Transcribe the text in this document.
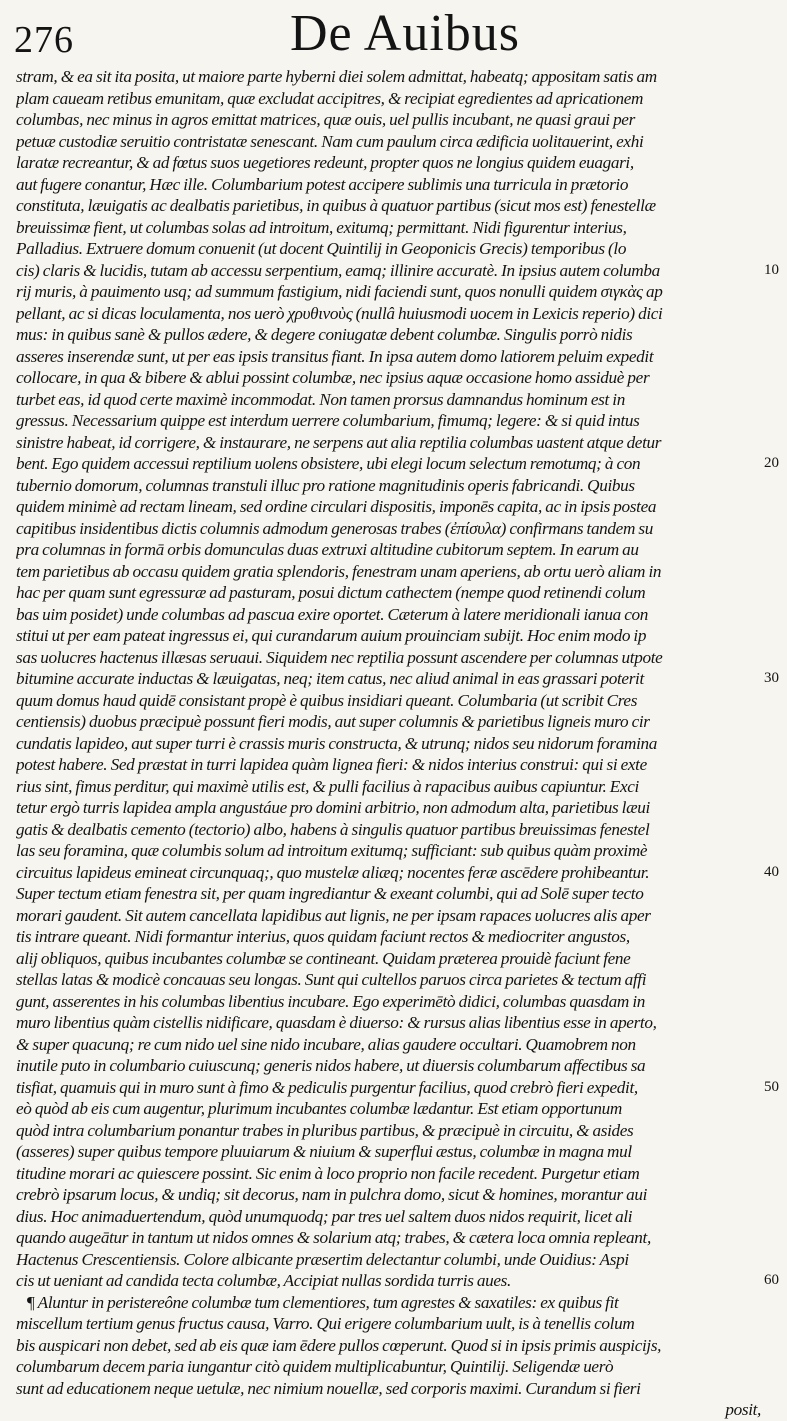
276	De Auibus
stram, & ea sit ita posita, ut maiore parte hyberni diei solem admittat, habeatq; appositam satis am
plam caueam retibus emunitam, quæ excludat accipitres, & recipiat egredientes ad apricationem
columbas, nec minus in agros emittat matrices, quæ ouis, uel pullis incubant, ne quasi graui per
petuæ custodiæ seruitio contristatæ senescant. Nam cum paulum circa ædificia uolitauerint, exhi
laratæ recreantur, & ad fœtus suos uegetiores redeunt, propter quos ne longius quidem euagari,
aut fugere conantur, Hæc ille. Columbarium potest accipere sublimis una turricula in prætorio
constituta, læuigatis ac dealbatis parietibus, in quibus à quatuor partibus (sicut mos est) fenestellæ
breuissimæ fient, ut columbas solas ad introitum, exitumq; permittant. Nidi figurentur interius,
Palladius. Extruere domum conuenit (ut docent Quintilij in Geoponicis Grecis) temporibus (lo
cis) claris & lucidis, tutam ab accessu serpentium, eamq; illinire accuratè. In ipsius autem columba
rij muris, à pauimento usq; ad summum fastigium, nidi faciendi sunt, quos nonulli quidem σιγκὰς ap
pellant, ac si dicas loculamenta, nos uerò χρυθινοὺς (nullâ huiusmodi uocem in Lexicis reperio) dici
mus: in quibus sanè & pullos ædere, & degere coniugatæ debent columbæ. Singulis porrò nidis
asseres inserendæ sunt, ut per eas ipsis transitus fiant. In ipsa autem domo latiorem peluim expedit
collocare, in qua & bibere & ablui possint columbæ, nec ipsius aquæ occasione homo assiduè per
turbet eas, id quod certe maximè incommodat. Non tamen prorsus damnandus hominum est in
gressus. Necessarium quippe est interdum uerrere columbarium, fimumq; legere: & si quid intus
sinistre habeat, id corrigere, & instaurare, ne serpens aut alia reptilia columbas uastent atque detur
bent. Ego quidem accessui reptilium uolens obsistere, ubi elegi locum selectum remotumq; à con
tubernio domorum, columnas transtuli illuc pro ratione magnitudinis operis fabricandi. Quibus
quidem minimè ad rectam lineam, sed ordine circulari dispositis, imponēs capita, ac in ipsis postea
capitibus insidentibus dictis columnis admodum generosas trabes (ἐπίσυλα) confirmans tandem su
pra columnas in formā orbis domunculas duas extruxi altitudine cubitorum septem. In earum au
tem parietibus ab occasu quidem gratia splendoris, fenestram unam aperiens, ab ortu uerò aliam in
hac per quam sunt egressuræ ad pasturam, posui dictum cathectem (nempe quod retinendi colum
bas uim posidet) unde columbas ad pascua exire oportet. Cæterum à latere meridionali ianua con
stitui ut per eam pateat ingressus ei, qui curandarum auium prouinciam subijt. Hoc enim modo ip
sas uolucres hactenus illæsas seruaui. Siquidem nec reptilia possunt ascendere per columnas utpote
bitumine accurate inductas & læuigatas, neq; item catus, nec aliud animal in eas grassari poterit
quum domus haud quidē consistant propè è quibus insidiari queant. Columbaria (ut scribit Cres
centiensis) duobus præcipuè possunt fieri modis, aut super columnis & parietibus ligneis muro cir
cundatis lapideo, aut super turri è crassis muris constructa, & utrunq; nidos seu nidorum foramina
potest habere. Sed præstat in turri lapidea quàm lignea fieri: & nidos interius construi: qui si exte
rius sint, fimus perditur, qui maximè utilis est, & pulli facilius à rapacibus auibus capiuntur. Exci
tetur ergò turris lapidea ampla angustáue pro domini arbitrio, non admodum alta, parietibus læui
gatis & dealbatis cemento (tectorio) albo, habens à singulis quatuor partibus breuissimas fenestel
las seu foramina, quæ columbis solum ad introitum exitumq; sufficiant: sub quibus quàm proximè
circuitus lapideus emineat circunquaq;, quo mustelæ aliæq; nocentes feræ ascēdere prohibeantur.
Super tectum etiam fenestra sit, per quam ingrediantur & exeant columbi, qui ad Solē super tecto
morari gaudent. Sit autem cancellata lapidibus aut lignis, ne per ipsam rapaces uolucres alis aper
tis intrare queant. Nidi formantur interius, quos quidam faciunt rectos & mediocriter angustos,
alij obliquos, quibus incubantes columbæ se contineant. Quidam præterea prouidè faciunt fene
stellas latas & modicè concauas seu longas. Sunt qui cultellos paruos circa parietes & tectum affi
gunt, asserentes in his columbas libentius incubare. Ego experimētò didici, columbas quasdam in
muro libentius quàm cistellis nidificare, quasdam è diuerso: & rursus alias libentius esse in aperto,
& super quacunq; re cum nido uel sine nido incubare, alias gaudere occultari. Quamobrem non
inutile puto in columbario cuiuscunq; generis nidos habere, ut diuersis columbarum affectibus sa
tisfiat, quamuis qui in muro sunt à fimo & pediculis purgentur facilius, quod crebrò fieri expedit,
eò quòd ab eis cum augentur, plurimum incubantes columbæ lædantur. Est etiam opportunum
quòd intra columbarium ponantur trabes in pluribus partibus, & præcipuè in circuitu, & asides
(asseres) super quibus tempore pluuiarum & niuium & superflui æstus, columbæ in magna mul
titudine morari ac quiescere possint. Sic enim à loco proprio non facile recedent. Purgetur etiam
crebrò ipsarum locus, & undiq; sit decorus, nam in pulchra domo, sicut & homines, morantur aui
dius. Hoc animaduertendum, quòd unumquodq; par tres uel saltem duos nidos requirit, licet ali
quando augeātur in tantum ut nidos omnes & solarium atq; trabes, & cætera loca omnia repleant,
Hactenus Crescentiensis. Colore albicante præsertim delectantur columbi, unde Ouidius: Aspi
cis ut ueniant ad candida tecta columbæ, Accipiat nullas sordida turris aues.
¶ Aluntur in peristereône columbæ tum clementiores, tum agrestes & saxatiles: ex quibus fit
miscellum tertium genus fructus causa, Varro. Qui erigere columbarium uult, is à tenellis colum
bis auspicari non debet, sed ab eis quæ iam ēdere pullos cœperunt. Quod si in ipsis primis auspicijs,
columbarum decem paria iungantur citò quidem multiplicabuntur, Quintilij. Seligendæ uerò
sunt ad educationem neque uetulæ, nec nimium nouellæ, sed corporis maximi. Curandum si fieri
posit,
10
20
30
40
50
60
